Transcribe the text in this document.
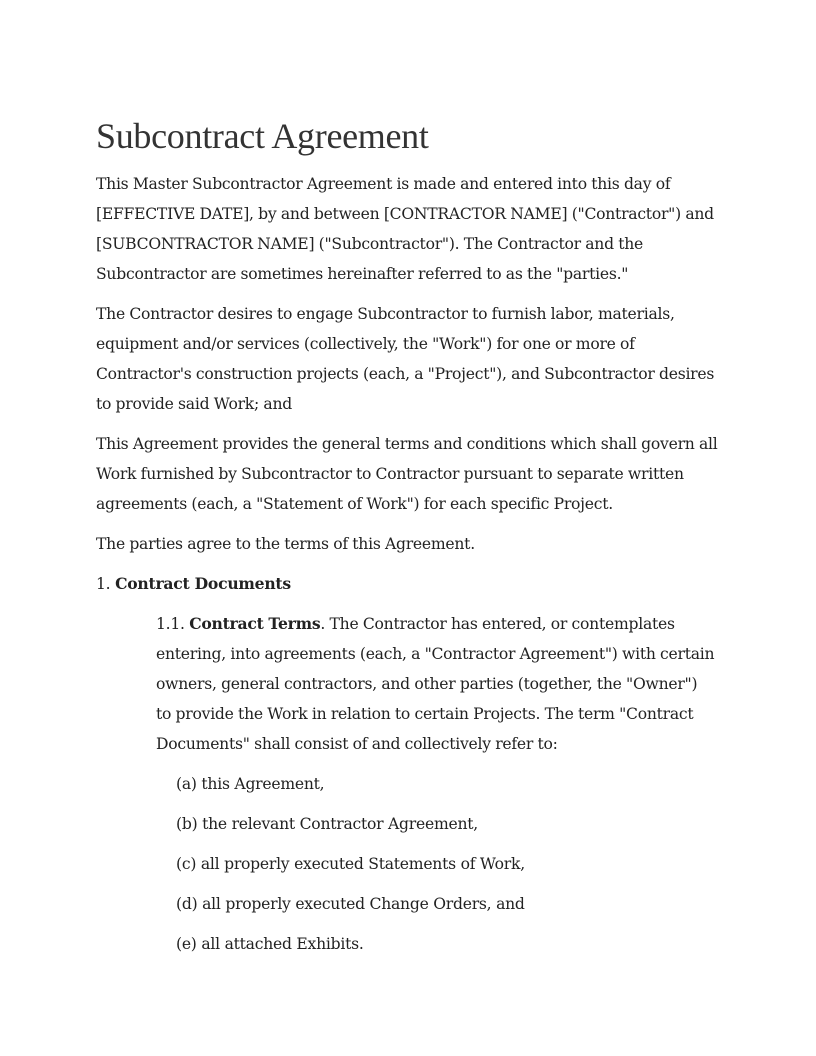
Subcontract Agreement

This Master Subcontractor Agreement is made and entered into this day of [EFFECTIVE DATE], by and between [CONTRACTOR NAME] ("Contractor") and [SUBCONTRACTOR NAME] ("Subcontractor"). The Contractor and the Subcontractor are sometimes hereinafter referred to as the "parties."

The Contractor desires to engage Subcontractor to furnish labor, materials, equipment and/or services (collectively, the "Work") for one or more of Contractor's construction projects (each, a "Project"), and Subcontractor desires to provide said Work; and

This Agreement provides the general terms and conditions which shall govern all Work furnished by Subcontractor to Contractor pursuant to separate written agreements (each, a "Statement of Work") for each specific Project.

The parties agree to the terms of this Agreement.

1. Contract Documents

1.1. Contract Terms. The Contractor has entered, or contemplates entering, into agreements (each, a "Contractor Agreement") with certain owners, general contractors, and other parties (together, the "Owner") to provide the Work in relation to certain Projects. The term "Contract Documents" shall consist of and collectively refer to:

(a) this Agreement,

(b) the relevant Contractor Agreement,

(c) all properly executed Statements of Work,

(d) all properly executed Change Orders, and

(e) all attached Exhibits.
